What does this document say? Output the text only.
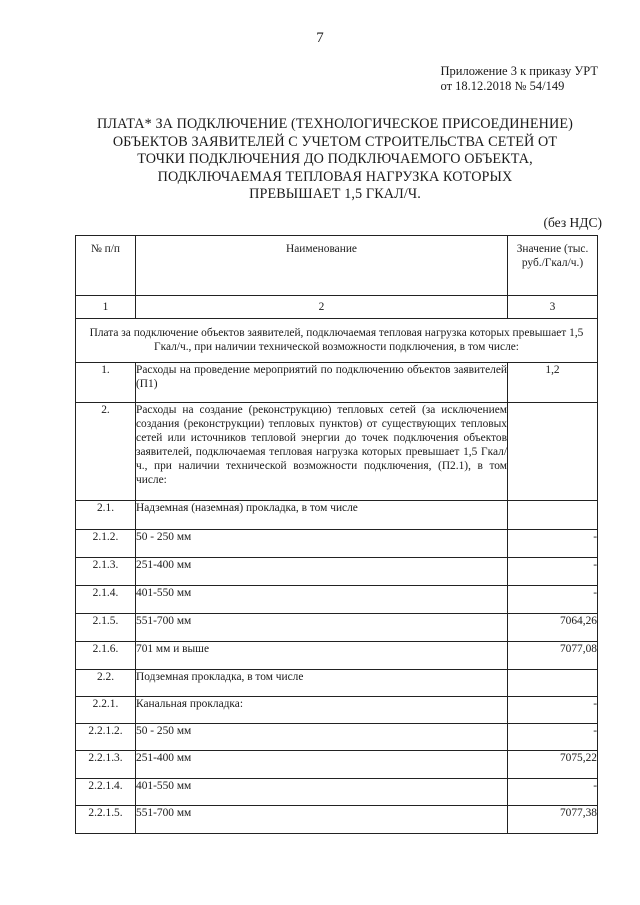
7
Приложение 3 к приказу УРТ
от 18.12.2018 № 54/149
ПЛАТА* ЗА ПОДКЛЮЧЕНИЕ (ТЕХНОЛОГИЧЕСКОЕ ПРИСОЕДИНЕНИЕ)
ОБЪЕКТОВ ЗАЯВИТЕЛЕЙ С УЧЕТОМ СТРОИТЕЛЬСТВА СЕТЕЙ ОТ
ТОЧКИ ПОДКЛЮЧЕНИЯ ДО ПОДКЛЮЧАЕМОГО ОБЪЕКТА,
ПОДКЛЮЧАЕМАЯ ТЕПЛОВАЯ НАГРУЗКА КОТОРЫХ
ПРЕВЫШАЕТ 1,5 ГКАЛ/Ч.
(без НДС)
№ п/п	Наименование	Значение (тыс. руб./Гкал/ч.)
1	2	3
Плата за подключение объектов заявителей, подключаемая тепловая нагрузка которых превышает 1,5 Гкал/ч., при наличии технической возможности подключения, в том числе:		
1.	Расходы на проведение мероприятий по подключению объектов заявителей (П1)	1,2
2.	Расходы на создание (реконструкцию) тепловых сетей (за исключением создания (реконструкции) тепловых пунктов) от существующих тепловых сетей или источников тепловой энергии до точек подключения объектов заявителей, подключаемая тепловая нагрузка которых превышает 1,5 Гкал/ч., при наличии технической возможности подключения, (П2.1), в том числе:	
2.1.	Надземная (наземная) прокладка, в том числе	
2.1.2.	50 - 250 мм	-
2.1.3.	251-400 мм	-
2.1.4.	401-550 мм	-
2.1.5.	551-700 мм	7064,26
2.1.6.	701 мм и выше	7077,08
2.2.	Подземная прокладка, в том числе	
2.2.1.	Канальная прокладка:	-
2.2.1.2.	50 - 250 мм	-
2.2.1.3.	251-400 мм	7075,22
2.2.1.4.	401-550 мм	-
2.2.1.5.	551-700 мм	7077,38
